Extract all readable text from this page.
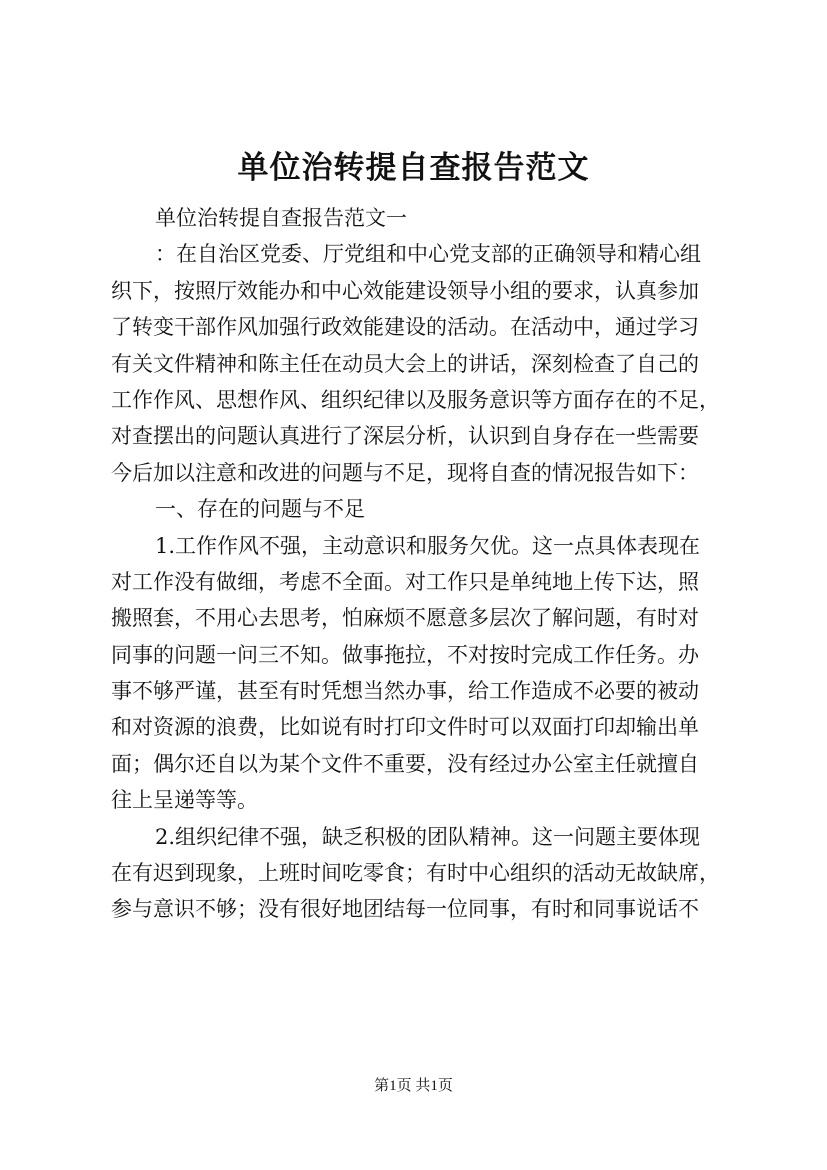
单位治转提自查报告范文
单位治转提自查报告范文一
：在自治区党委、厅党组和中心党支部的正确领导和精心组
织下，按照厅效能办和中心效能建设领导小组的要求，认真参加
了转变干部作风加强行政效能建设的活动。在活动中，通过学习
有关文件精神和陈主任在动员大会上的讲话，深刻检查了自己的
工作作风、思想作风、组织纪律以及服务意识等方面存在的不足，
对查摆出的问题认真进行了深层分析，认识到自身存在一些需要
今后加以注意和改进的问题与不足，现将自查的情况报告如下：
一、存在的问题与不足
1.工作作风不强，主动意识和服务欠优。这一点具体表现在
对工作没有做细，考虑不全面。对工作只是单纯地上传下达，照
搬照套，不用心去思考，怕麻烦不愿意多层次了解问题，有时对
同事的问题一问三不知。做事拖拉，不对按时完成工作任务。办
事不够严谨，甚至有时凭想当然办事，给工作造成不必要的被动
和对资源的浪费，比如说有时打印文件时可以双面打印却输出单
面；偶尔还自以为某个文件不重要，没有经过办公室主任就擅自
往上呈递等等。
2.组织纪律不强，缺乏积极的团队精神。这一问题主要体现
在有迟到现象，上班时间吃零食；有时中心组织的活动无故缺席，
参与意识不够；没有很好地团结每一位同事，有时和同事说话不
第1页 共1页
